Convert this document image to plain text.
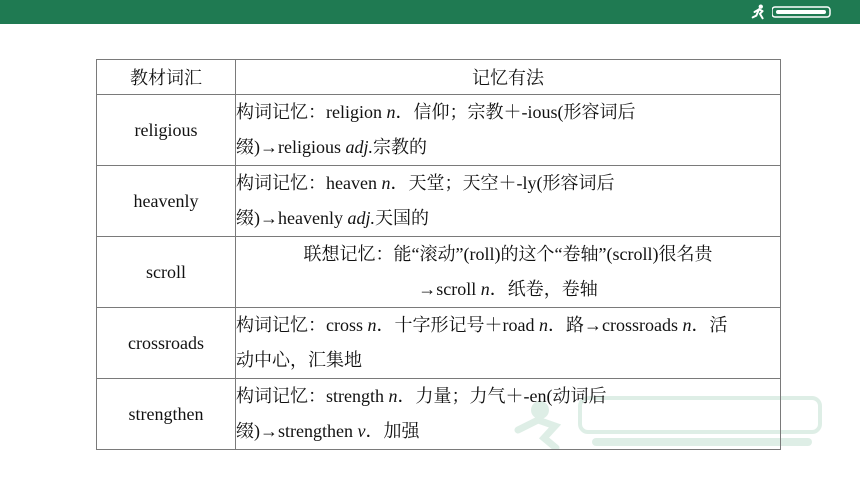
教材词汇	记忆有法
religious	构词记忆：religion n．信仰；宗教＋-ious(形容词后
缀)→religious adj.宗教的

heavenly	构词记忆：heaven n．天堂；天空＋-ly(形容词后
缀)→heavenly adj.天国的

scroll	联想记忆：能“滚动”(roll)的这个“卷轴”(scroll)很名贵
→scroll n．纸卷，卷轴

crossroads	构词记忆：cross n．十字形记号＋road n．路→crossroads n．活
动中心，汇集地

strengthen	构词记忆：strength n．力量；力气＋-en(动词后
缀)→strengthen v．加强
